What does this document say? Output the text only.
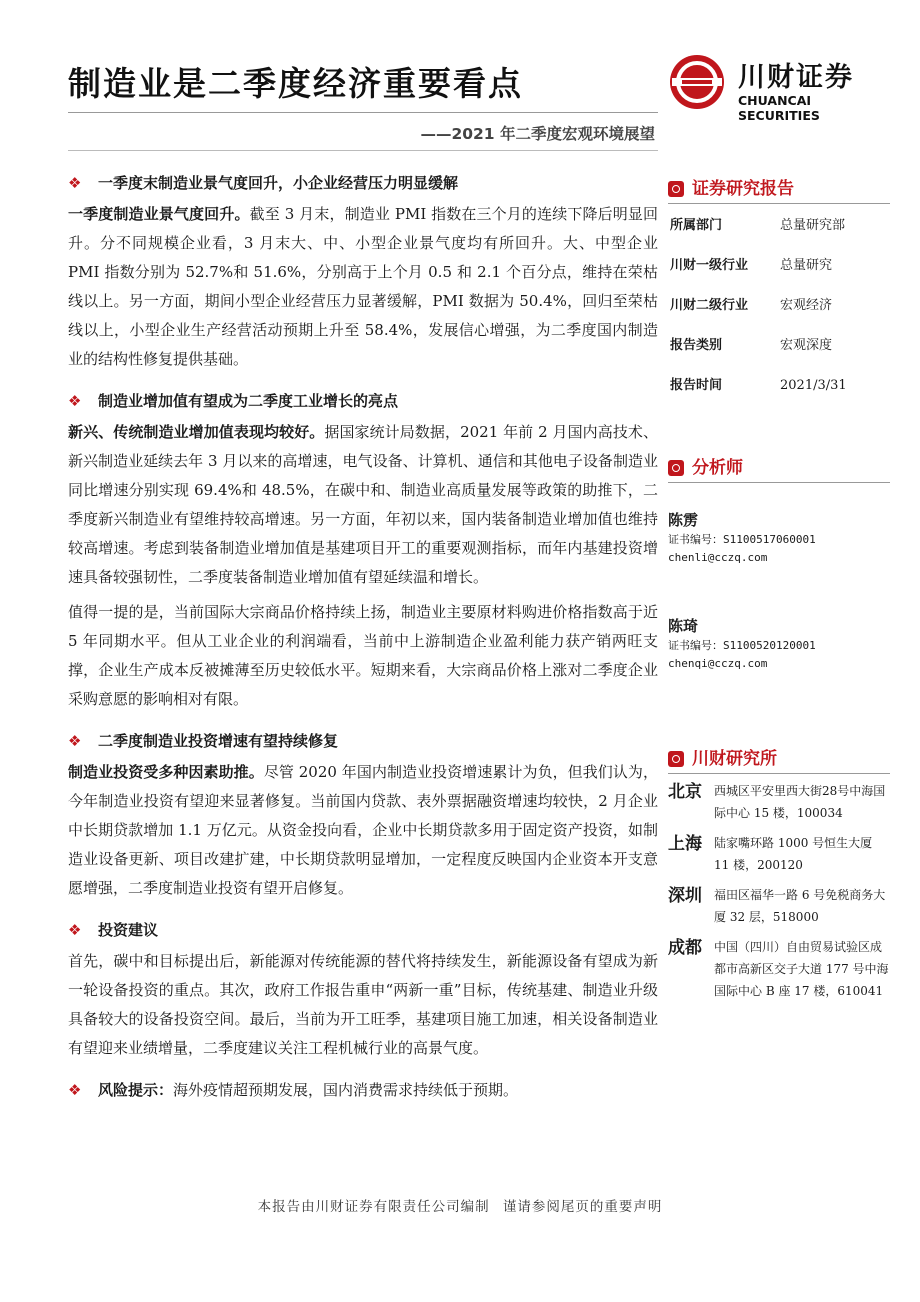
制造业是二季度经济重要看点	川财证券
CHUANCAI SECURITIES
——2021 年二季度宏观环境展望
❖ 一季度末制造业景气度回升，小企业经营压力明显缓解

一季度制造业景气度回升。截至 3 月末，制造业 PMI 指数在三个月的连续下降后明显回升。分不同规模企业看，3 月末大、中、小型企业景气度均有所回升。大、中型企业 PMI 指数分别为 52.7%和 51.6%，分别高于上个月 0.5 和 2.1 个百分点，维持在荣枯线以上。另一方面，期间小型企业经营压力显著缓解，PMI 数据为 50.4%，回归至荣枯线以上，小型企业生产经营活动预期上升至 58.4%，发展信心增强，为二季度国内制造业的结构性修复提供基础。

❖ 制造业增加值有望成为二季度工业增长的亮点

新兴、传统制造业增加值表现均较好。据国家统计局数据，2021 年前 2 月国内高技术、新兴制造业延续去年 3 月以来的高增速，电气设备、计算机、通信和其他电子设备制造业同比增速分别实现 69.4%和 48.5%，在碳中和、制造业高质量发展等政策的助推下，二季度新兴制造业有望维持较高增速。另一方面，年初以来，国内装备制造业增加值也维持较高增速。考虑到装备制造业增加值是基建项目开工的重要观测指标，而年内基建投资增速具备较强韧性，二季度装备制造业增加值有望延续温和增长。

值得一提的是，当前国际大宗商品价格持续上扬，制造业主要原材料购进价格指数高于近 5 年同期水平。但从工业企业的利润端看，当前中上游制造企业盈利能力获产销两旺支撑，企业生产成本反被摊薄至历史较低水平。短期来看，大宗商品价格上涨对二季度企业采购意愿的影响相对有限。

❖ 二季度制造业投资增速有望持续修复

制造业投资受多种因素助推。尽管 2020 年国内制造业投资增速累计为负，但我们认为，今年制造业投资有望迎来显著修复。当前国内贷款、表外票据融资增速均较快，2 月企业中长期贷款增加 1.1 万亿元。从资金投向看，企业中长期贷款多用于固定资产投资，如制造业设备更新、项目改建扩建，中长期贷款明显增加，一定程度反映国内企业资本开支意愿增强，二季度制造业投资有望开启修复。

❖ 投资建议

首先，碳中和目标提出后，新能源对传统能源的替代将持续发生，新能源设备有望成为新一轮设备投资的重点。其次，政府工作报告重申“两新一重”目标，传统基建、制造业升级具备较大的设备投资空间。最后，当前为开工旺季，基建项目施工加速，相关设备制造业有望迎来业绩增量，二季度建议关注工程机械行业的高景气度。

❖ 风险提示：海外疫情超预期发展，国内消费需求持续低于预期。
证券研究报告
所属部门	总量研究部
川财一级行业 总量研究
川财二级行业 宏观经济
报告类别	宏观深度
报告时间	2021/3/31
分析师
陈雳
证书编号：S1100517060001
chenli@cczq.com
陈琦
证书编号：S1100520120001
chenqi@cczq.com
川财研究所
北京 西城区平安里西大街28号中海国际中心 15 楼，100034
上海 陆家嘴环路 1000 号恒生大厦 11 楼，200120
深圳 福田区福华一路 6 号免税商务大厦 32 层，518000
成都 中国（四川）自由贸易试验区成都市高新区交子大道 177 号中海国际中心 B 座 17 楼，610041
本报告由川财证券有限责任公司编制 谨请参阅尾页的重要声明
